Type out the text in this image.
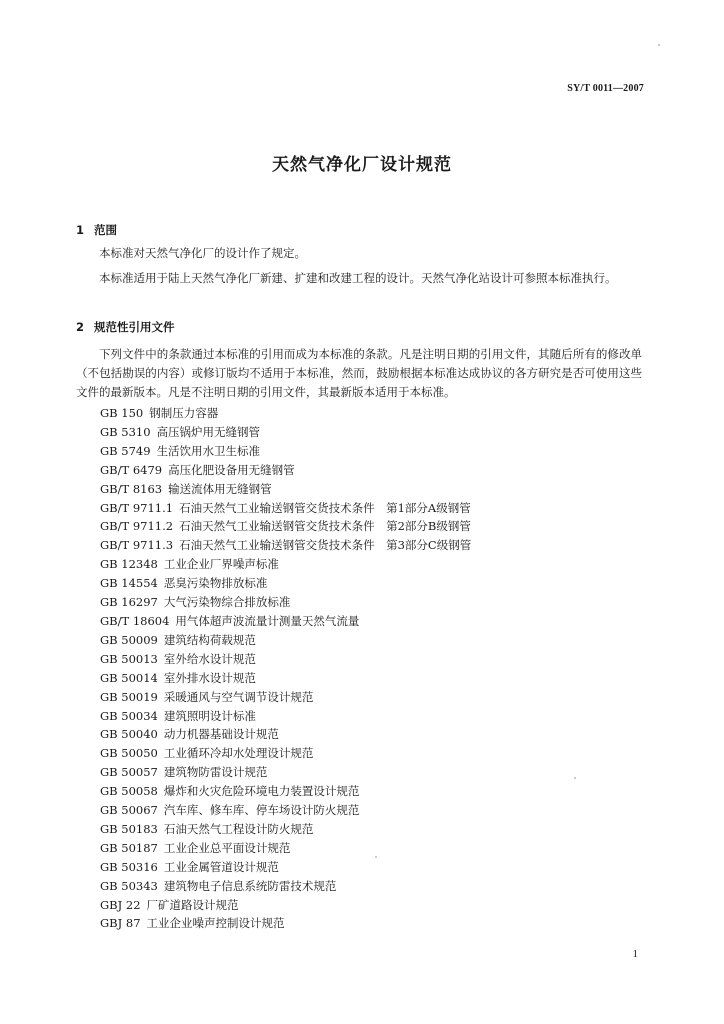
SY/T 0011—2007
天然气净化厂设计规范
1 范围
本标准对天然气净化厂的设计作了规定。
本标准适用于陆上天然气净化厂新建、扩建和改建工程的设计。天然气净化站设计可参照本标准执行。
2 规范性引用文件
下列文件中的条款通过本标准的引用而成为本标准的条款。凡是注明日期的引用文件，其随后所有的修改单（不包括勘误的内容）或修订版均不适用于本标准，然而，鼓励根据本标准达成协议的各方研究是否可使用这些文件的最新版本。凡是不注明日期的引用文件，其最新版本适用于本标准。
GB 150 钢制压力容器
GB 5310 高压锅炉用无缝钢管
GB 5749 生活饮用水卫生标准
GB/T 6479 高压化肥设备用无缝钢管
GB/T 8163 输送流体用无缝钢管
GB/T 9711.1 石油天然气工业输送钢管交货技术条件　第1部分A级钢管
GB/T 9711.2 石油天然气工业输送钢管交货技术条件　第2部分B级钢管
GB/T 9711.3 石油天然气工业输送钢管交货技术条件　第3部分C级钢管
GB 12348 工业企业厂界噪声标准
GB 14554 恶臭污染物排放标准
GB 16297 大气污染物综合排放标准
GB/T 18604 用气体超声波流量计测量天然气流量
GB 50009 建筑结构荷载规范
GB 50013 室外给水设计规范
GB 50014 室外排水设计规范
GB 50019 采暖通风与空气调节设计规范
GB 50034 建筑照明设计标准
GB 50040 动力机器基础设计规范
GB 50050 工业循环冷却水处理设计规范
GB 50057 建筑物防雷设计规范
GB 50058 爆炸和火灾危险环境电力装置设计规范
GB 50067 汽车库、修车库、停车场设计防火规范
GB 50183 石油天然气工程设计防火规范
GB 50187 工业企业总平面设计规范
GB 50316 工业金属管道设计规范
GB 50343 建筑物电子信息系统防雷技术规范
GBJ 22 厂矿道路设计规范
GBJ 87 工业企业噪声控制设计规范
1
